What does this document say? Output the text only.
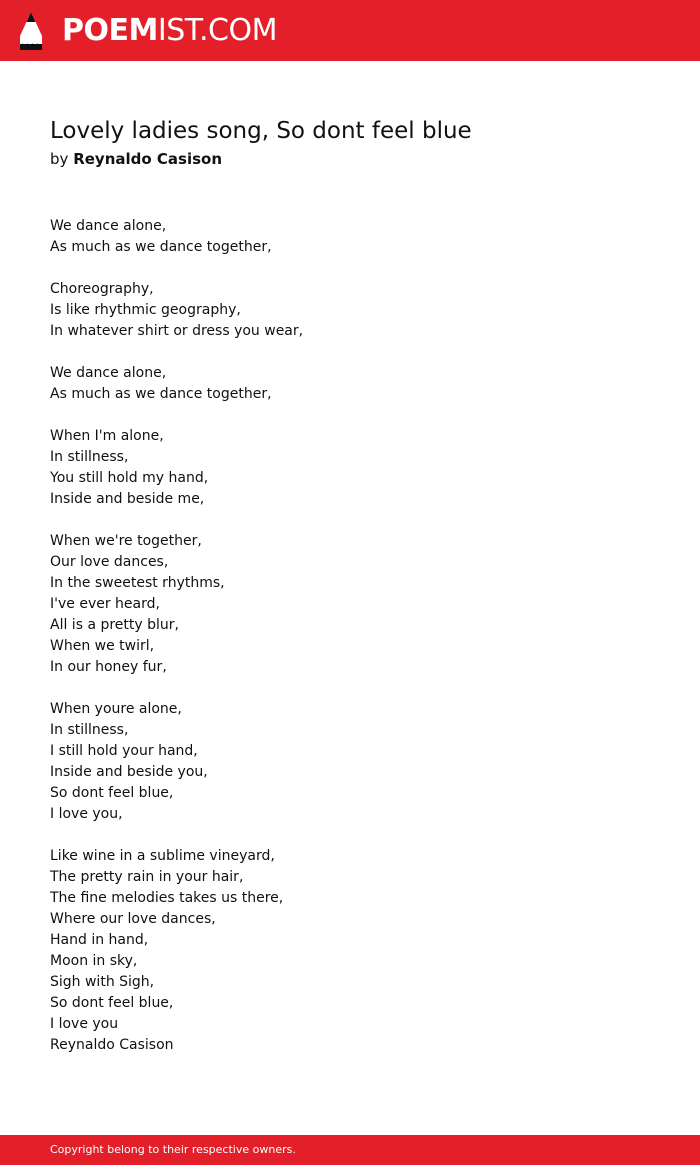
POEMIST.COM
Lovely ladies song, So dont feel blue
by Reynaldo Casison
We dance alone,
As much as we dance together,
Choreography,
Is like rhythmic geography,
In whatever shirt or dress you wear,
We dance alone,
As much as we dance together,
When I'm alone,
In stillness,
You still hold my hand,
Inside and beside me,
When we're together,
Our love dances,
In the sweetest rhythms,
I've ever heard,
All is a pretty blur,
When we twirl,
In our honey fur,
When youre alone,
In stillness,
I still hold your hand,
Inside and beside you,
So dont feel blue,
I love you,
Like wine in a sublime vineyard,
The pretty rain in your hair,
The fine melodies takes us there,
Where our love dances,
Hand in hand,
Moon in sky,
Sigh with Sigh,
So dont feel blue,
I love you
Reynaldo Casison
Copyright belong to their respective owners.
